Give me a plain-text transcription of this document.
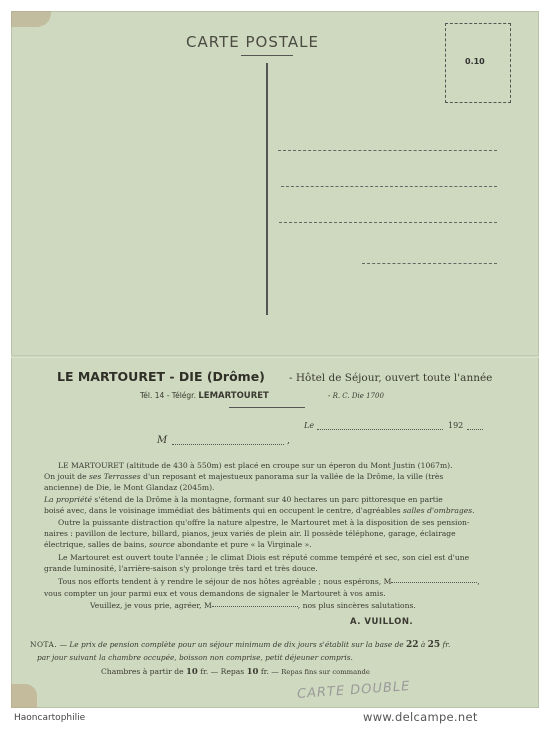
CARTE POSTALE
0.10
LE MARTOURET - DIE (Drôme) - Hôtel de Séjour, ouvert toute l'année
Tél. 14 - Télégr. LEMARTOURET	- R. C. Die 1700
Le	192
M	,
LE MARTOURET (altitude de 430 à 550m) est placé en croupe sur un éperon du Mont Justin (1067m).
On jouit de ses Terrasses d'un reposant et majestueux panorama sur la vallée de la Drôme, la ville (très
ancienne) de Die, le Mont Glandaz (2045m).
La propriété s'étend de la Drôme à la montagne, formant sur 40 hectares un parc pittoresque en partie
boisé avec, dans le voisinage immédiat des bâtiments qui en occupent le centre, d'agréables salles d'ombrages.
Outre la puissante distraction qu'offre la nature alpestre, le Martouret met à la disposition de ses pension-
naires : pavillon de lecture, billard, pianos, jeux variés de plein air. Il possède téléphone, garage, éclairage
électrique, salles de bains, source abondante et pure « la Virginale ».
Le Martouret est ouvert toute l'année ; le climat Diois est réputé comme tempéré et sec, son ciel est d'une
grande luminosité, l'arrière-saison s'y prolonge très tard et très douce.
Tous nos efforts tendent à y rendre le séjour de nos hôtes agréable ; nous espérons, M	,
vous compter un jour parmi eux et vous demandons de signaler le Martouret à vos amis.
Veuillez, je vous prie, agréer, M	, nos plus sincères salutations.
A. VUILLON.
NOTA. — Le prix de pension complète pour un séjour minimum de dix jours s'établit sur la base de 22 à 25 fr.
par jour suivant la chambre occupée, boisson non comprise, petit déjeuner compris.
Chambres à partir de 10 fr. — Repas 10 fr. — Repas fins sur commande
CARTE DOUBLE
Haoncartophilie	www.delcampe.net
